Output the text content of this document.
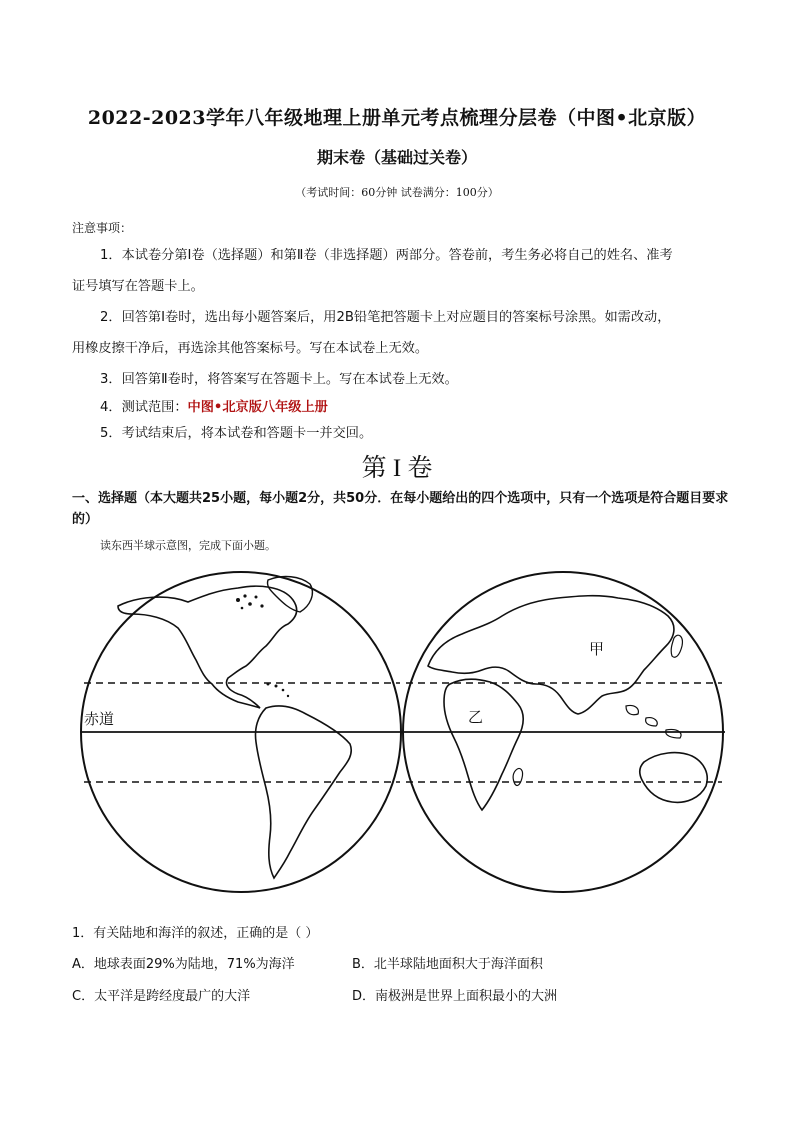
2022-2023学年八年级地理上册单元考点梳理分层卷（中图•北京版）
期末卷（基础过关卷）
（考试时间：60分钟 试卷满分：100分）
注意事项：
1．本试卷分第Ⅰ卷（选择题）和第Ⅱ卷（非选择题）两部分。答卷前，考生务必将自己的姓名、准考
证号填写在答题卡上。
2．回答第Ⅰ卷时，选出每小题答案后，用2B铅笔把答题卡上对应题目的答案标号涂黑。如需改动，
用橡皮擦干净后，再选涂其他答案标号。写在本试卷上无效。
3．回答第Ⅱ卷时，将答案写在答题卡上。写在本试卷上无效。
4．测试范围：中图•北京版八年级上册
5．考试结束后，将本试卷和答题卡一并交回。
第 I 卷
一、选择题（本大题共25小题，每小题2分，共50分．在每小题给出的四个选项中，只有一个选项是符合题目要求的）
读东西半球示意图，完成下面小题。
赤道
甲
乙
1．有关陆地和海洋的叙述，正确的是（ ）
A．地球表面29%为陆地，71%为海洋	B．北半球陆地面积大于海洋面积
C．太平洋是跨经度最广的大洋	D．南极洲是世界上面积最小的大洲
